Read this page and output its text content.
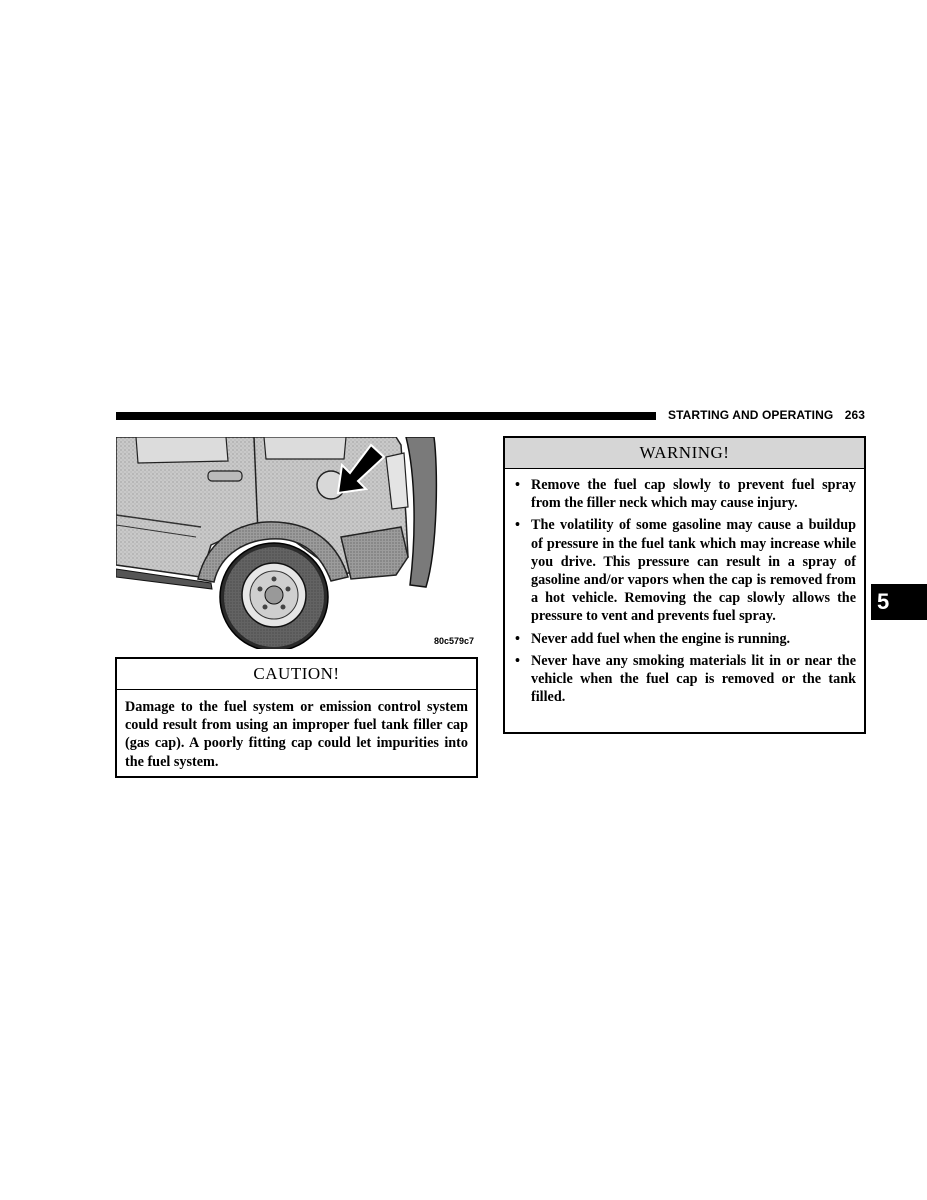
STARTING AND OPERATING 263
5
80c579c7
CAUTION!
Damage to the fuel system or emission control system could result from using an improper fuel tank filler cap (gas cap). A poorly fitting cap could let impurities into the fuel system.
WARNING!
• Remove the fuel cap slowly to prevent fuel spray from the filler neck which may cause injury.
• The volatility of some gasoline may cause a buildup of pressure in the fuel tank which may increase while you drive. This pressure can result in a spray of gasoline and/or vapors when the cap is removed from a hot vehicle. Removing the cap slowly allows the pressure to vent and prevents fuel spray.
• Never add fuel when the engine is running.
• Never have any smoking materials lit in or near the vehicle when the fuel cap is removed or the tank filled.
